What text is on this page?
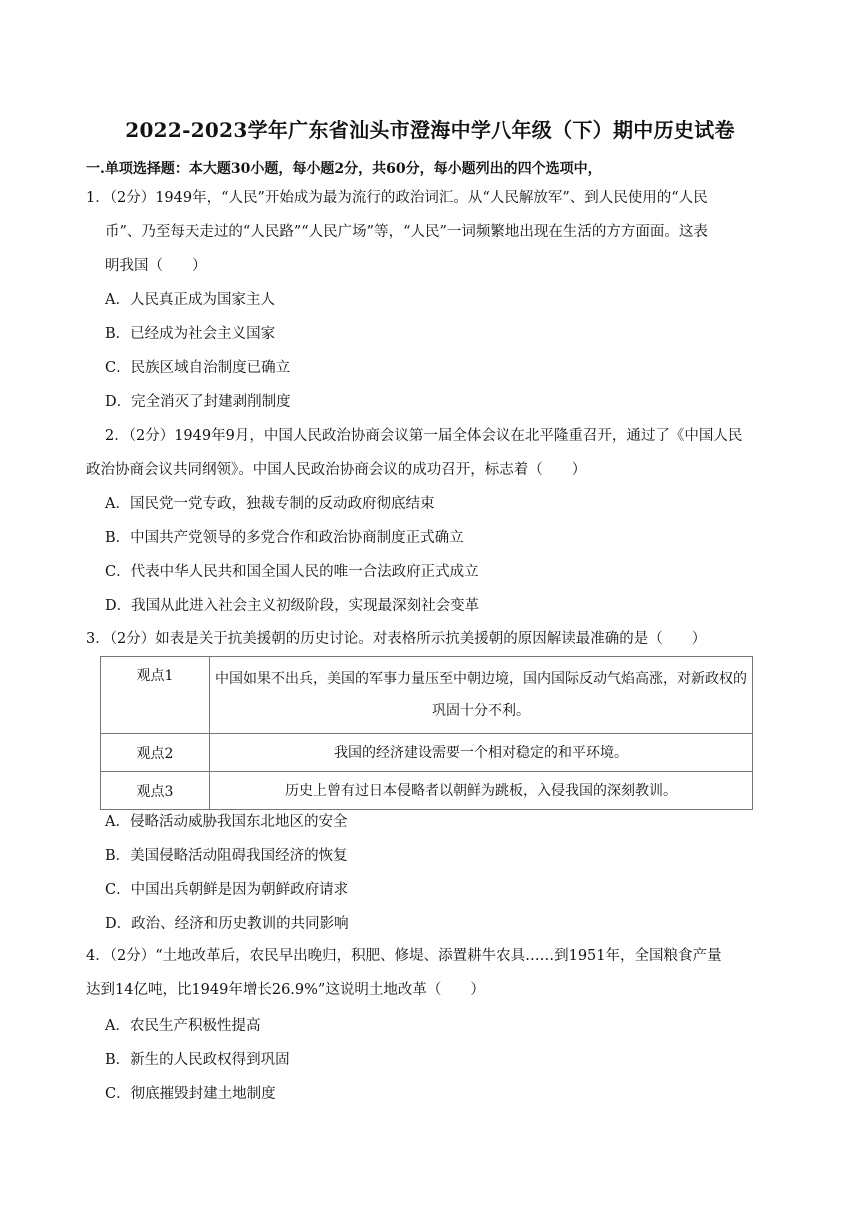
2022-2023学年广东省汕头市澄海中学八年级（下）期中历史试卷
一.单项选择题：本大题30小题，每小题2分，共60分，每小题列出的四个选项中，
1．（2分）1949年，“人民”开始成为最为流行的政治词汇。从“人民解放军”、到人民使用的“人民
币”、乃至每天走过的“人民路”“人民广场”等，“人民”一词频繁地出现在生活的方方面面。这表
明我国（　　）
A．人民真正成为国家主人
B．已经成为社会主义国家
C．民族区域自治制度已确立
D．完全消灭了封建剥削制度
2．（2分）1949年9月，中国人民政治协商会议第一届全体会议在北平隆重召开，通过了《中国人民
政治协商会议共同纲领》。中国人民政治协商会议的成功召开，标志着（　　）
A．国民党一党专政，独裁专制的反动政府彻底结束
B．中国共产党领导的多党合作和政治协商制度正式确立
C．代表中华人民共和国全国人民的唯一合法政府正式成立
D．我国从此进入社会主义初级阶段，实现最深刻社会变革
3．（2分）如表是关于抗美援朝的历史讨论。对表格所示抗美援朝的原因解读最准确的是（　　）
观点1	中国如果不出兵，美国的军事力量压至中朝边境，国内国际反动气焰高涨，对新政权的巩固十分不利。
观点2	我国的经济建设需要一个相对稳定的和平环境。
观点3	历史上曾有过日本侵略者以朝鲜为跳板，入侵我国的深刻教训。
A．侵略活动威胁我国东北地区的安全
B．美国侵略活动阻碍我国经济的恢复
C．中国出兵朝鲜是因为朝鲜政府请求
D．政治、经济和历史教训的共同影响
4．（2分）“土地改革后，农民早出晚归，积肥、修堤、添置耕牛农具……到1951年，全国粮食产量
达到14亿吨，比1949年增长26.9%”这说明土地改革（　　）
A．农民生产积极性提高
B．新生的人民政权得到巩固
C．彻底摧毁封建土地制度
